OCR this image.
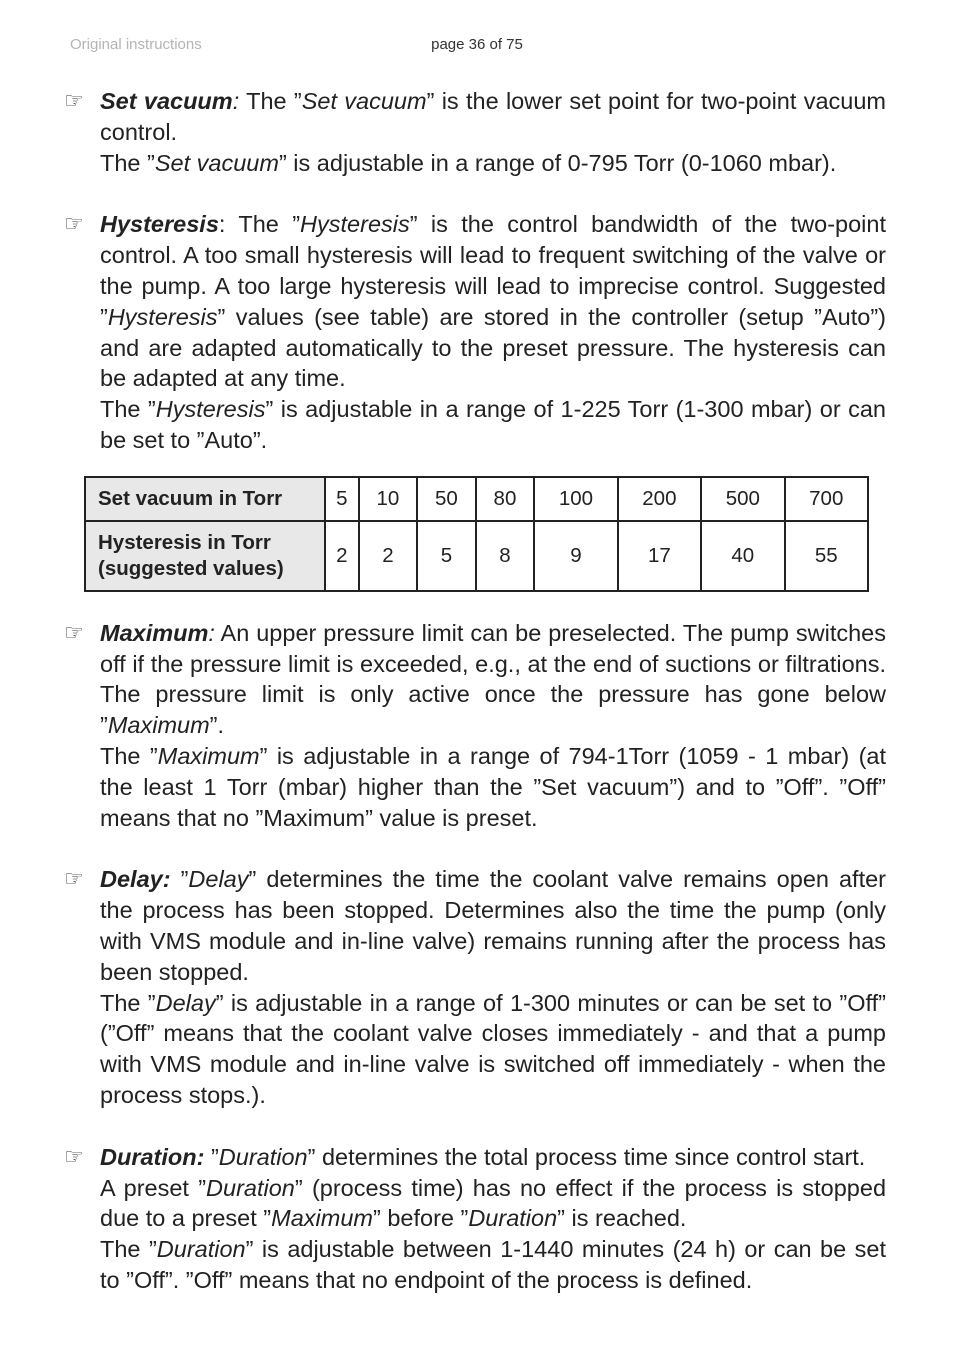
Original instructions	page 36 of 75
☞ Set vacuum: The ”Set vacuum” is the lower set point for two-point vacuum control.

The ”Set vacuum” is adjustable in a range of 0-795 Torr (0-1060 mbar).

☞ Hysteresis: The ”Hysteresis” is the control bandwidth of the two-point control. A too small hysteresis will lead to frequent switching of the valve or the pump. A too large hysteresis will lead to imprecise control. Suggested ”Hysteresis” values (see table) are stored in the controller (setup ”Auto”) and are adapted automatically to the preset pressure. The hysteresis can be adapted at any time.

The ”Hysteresis” is adjustable in a range of 1-225 Torr (1-300 mbar) or can be set to ”Auto”.

Set vacuum in Torr	5	10	50	80	100	200	500	700
Hysteresis in Torr
(suggested values)	2	2	5	8	9	17	40	55
☞ Maximum: An upper pressure limit can be preselected. The pump switches off if the pressure limit is exceeded, e.g., at the end of suctions or filtrations. The pressure limit is only active once the pressure has gone below ”Maximum”.

The ”Maximum” is adjustable in a range of 794-1Torr (1059 - 1 mbar) (at the least 1 Torr (mbar) higher than the ”Set vacuum”) and to ”Off”. ”Off” means that no ”Maximum” value is preset.

☞ Delay: ”Delay” determines the time the coolant valve remains open after the process has been stopped. Determines also the time the pump (only with VMS module and in-line valve) remains running after the process has been stopped.

The ”Delay” is adjustable in a range of 1-300 minutes or can be set to ”Off” (”Off” means that the coolant valve closes immediately - and that a pump with VMS module and in-line valve is switched off immediately - when the process stops.).

☞ Duration: ”Duration” determines the total process time since control start.

A preset ”Duration” (process time) has no effect if the process is stopped due to a preset ”Maximum” before ”Duration” is reached.

The ”Duration” is adjustable between 1-1440 minutes (24 h) or can be set to ”Off”. ”Off” means that no endpoint of the process is defined.
